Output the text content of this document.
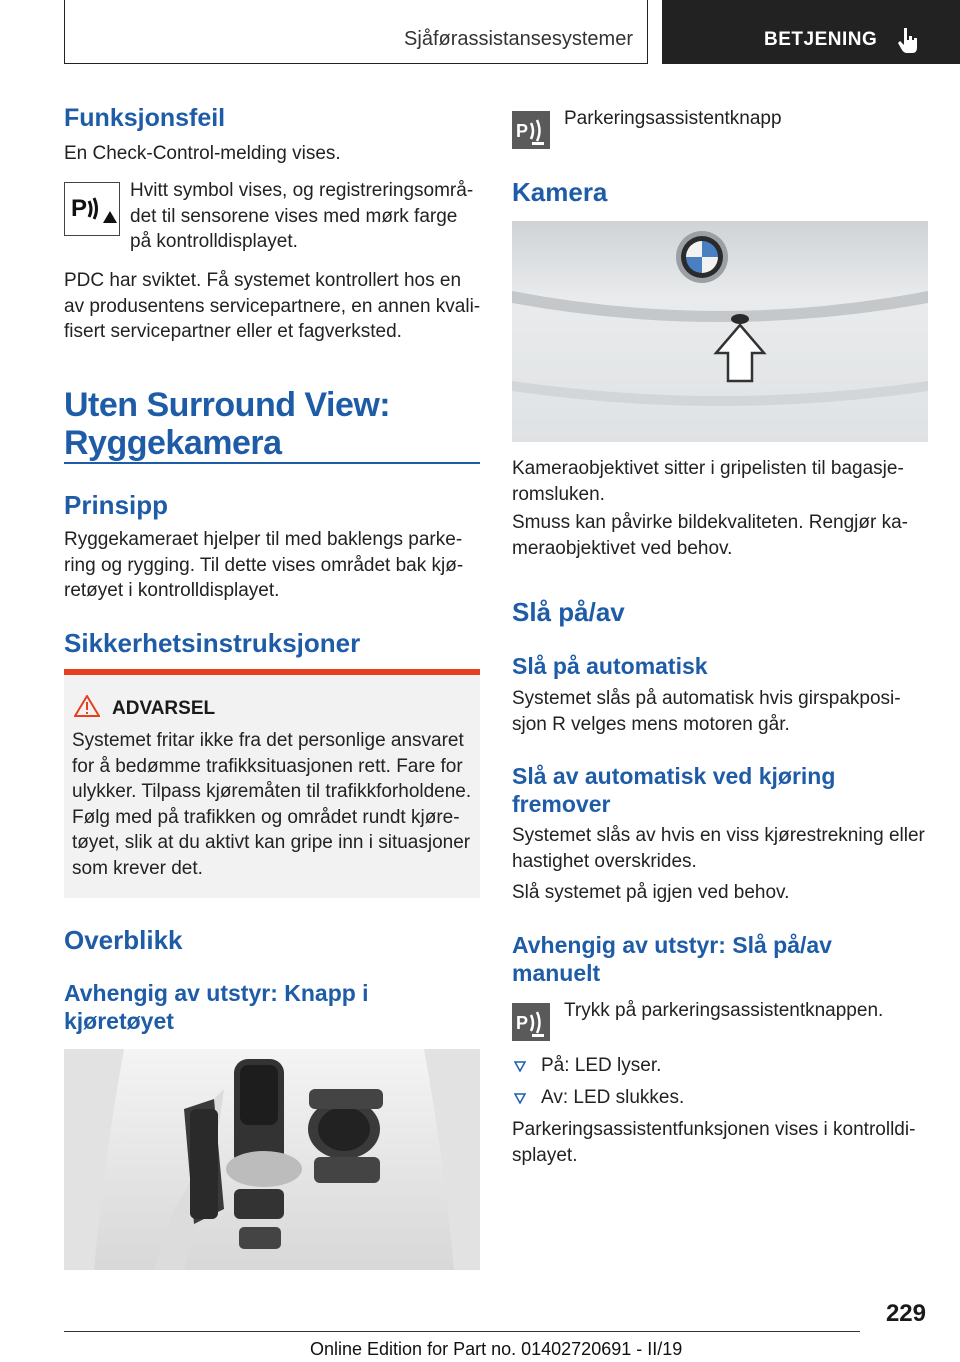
Sjåførassistansesystemer	BETJENING
Funksjonsfeil
En Check-Control-melding vises.
P
Hvitt symbol vises, og registreringsområ-
det til sensorene vises med mørk farge
på kontrolldisplayet.
PDC har sviktet. Få systemet kontrollert hos en
av produsentens servicepartnere, en annen kvali-
fisert servicepartner eller et fagverksted.
Uten Surround View:
Ryggekamera
Prinsipp
Ryggekameraet hjelper til med baklengs parke-
ring og rygging. Til dette vises området bak kjø-
retøyet i kontrolldisplayet.
Sikkerhetsinstruksjoner
ADVARSEL
Systemet fritar ikke fra det personlige ansvaret
for å bedømme trafikksituasjonen rett. Fare for
ulykker. Tilpass kjøremåten til trafikkforholdene.
Følg med på trafikken og området rundt kjøre-
tøyet, slik at du aktivt kan gripe inn i situasjoner
som krever det.
Overblikk
Avhengig av utstyr: Knapp i
kjøretøyet
P
Parkeringsassistentknapp
Kamera
Kameraobjektivet sitter i gripelisten til bagasje-
romsluken.
Smuss kan påvirke bildekvaliteten. Rengjør ka-
meraobjektivet ved behov.
Slå på/av
Slå på automatisk
Systemet slås på automatisk hvis girspakposi-
sjon R velges mens motoren går.
Slå av automatisk ved kjøring
fremover
Systemet slås av hvis en viss kjørestrekning eller
hastighet overskrides.
Slå systemet på igjen ved behov.
Avhengig av utstyr: Slå på/av
manuelt
P
Trykk på parkeringsassistentknappen.
På: LED lyser.
Av: LED slukkes.
Parkeringsassistentfunksjonen vises i kontrolldi-
splayet.
229
Online Edition for Part no. 01402720691 - II/19
